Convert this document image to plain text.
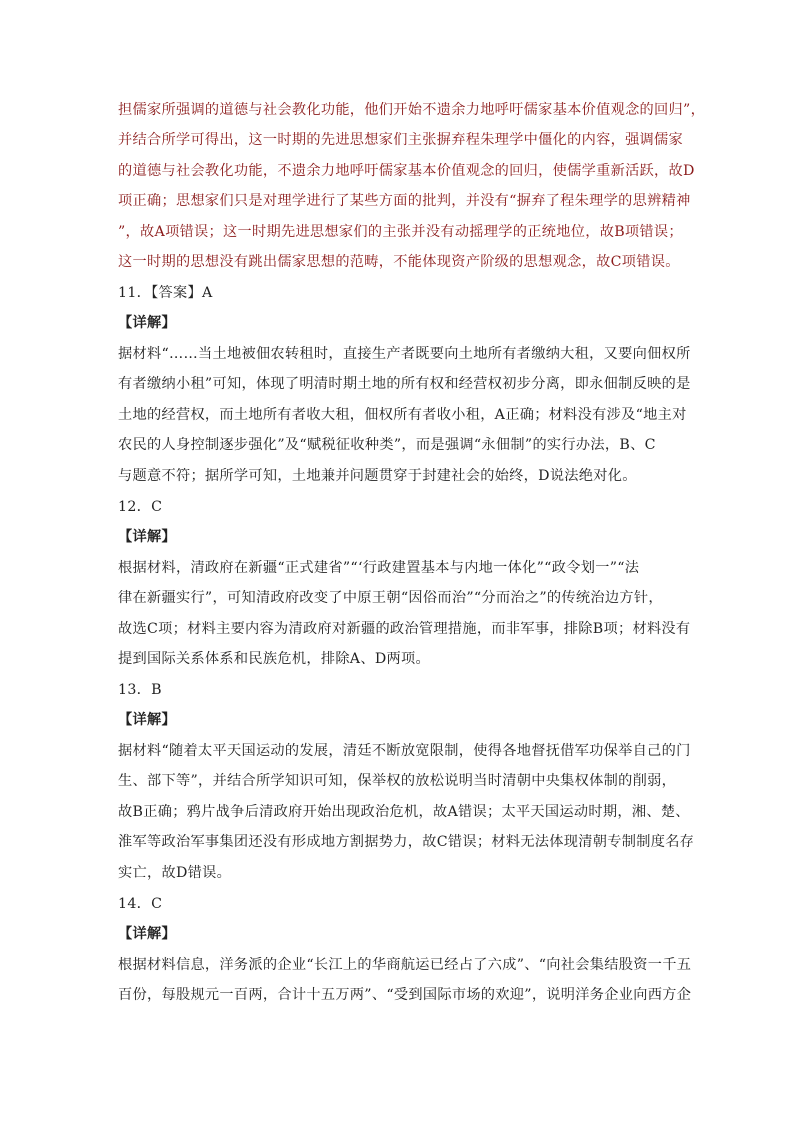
担儒家所强调的道德与社会教化功能，他们开始不遗余力地呼吁儒家基本价值观念的回归”，
并结合所学可得出，这一时期的先进思想家们主张摒弃程朱理学中僵化的内容，强调儒家
的道德与社会教化功能，不遗余力地呼吁儒家基本价值观念的回归，使儒学重新活跃，故D
项正确；思想家们只是对理学进行了某些方面的批判，并没有“摒弃了程朱理学的思辨精神
”，故A项错误；这一时期先进思想家们的主张并没有动摇理学的正统地位，故B项错误；
这一时期的思想没有跳出儒家思想的范畴，不能体现资产阶级的思想观念，故C项错误。
11．【答案】A
【详解】
据材料“……当土地被佃农转租时，直接生产者既要向土地所有者缴纳大租，又要向佃权所
有者缴纳小租”可知，体现了明清时期土地的所有权和经营权初步分离，即永佃制反映的是
土地的经营权，而土地所有者收大租，佃权所有者收小租，A正确；材料没有涉及“地主对
农民的人身控制逐步强化”及“赋税征收种类”，而是强调“永佃制”的实行办法，B、C
与题意不符；据所学可知，土地兼并问题贯穿于封建社会的始终，D说法绝对化。
12．C
【详解】
根据材料，清政府在新疆“正式建省”“‘行政建置基本与内地一体化”“政令划一”“法
律在新疆实行”，可知清政府改变了中原王朝“因俗而治”“分而治之”的传统治边方针，
故选C项；材料主要内容为清政府对新疆的政治管理措施，而非军事，排除B项；材料没有
提到国际关系体系和民族危机，排除A、D两项。
13．B
【详解】
据材料“随着太平天国运动的发展，清廷不断放宽限制，使得各地督抚借军功保举自己的门
生、部下等”，并结合所学知识可知，保举权的放松说明当时清朝中央集权体制的削弱，
故B正确；鸦片战争后清政府开始出现政治危机，故A错误；太平天国运动时期，湘、楚、
淮军等政治军事集团还没有形成地方割据势力，故C错误；材料无法体现清朝专制制度名存
实亡，故D错误。
14．C
【详解】
根据材料信息，洋务派的企业“长江上的华商航运已经占了六成”、“向社会集结股资一千五
百份，每股规元一百两，合计十五万两”、“受到国际市场的欢迎”，说明洋务企业向西方企
